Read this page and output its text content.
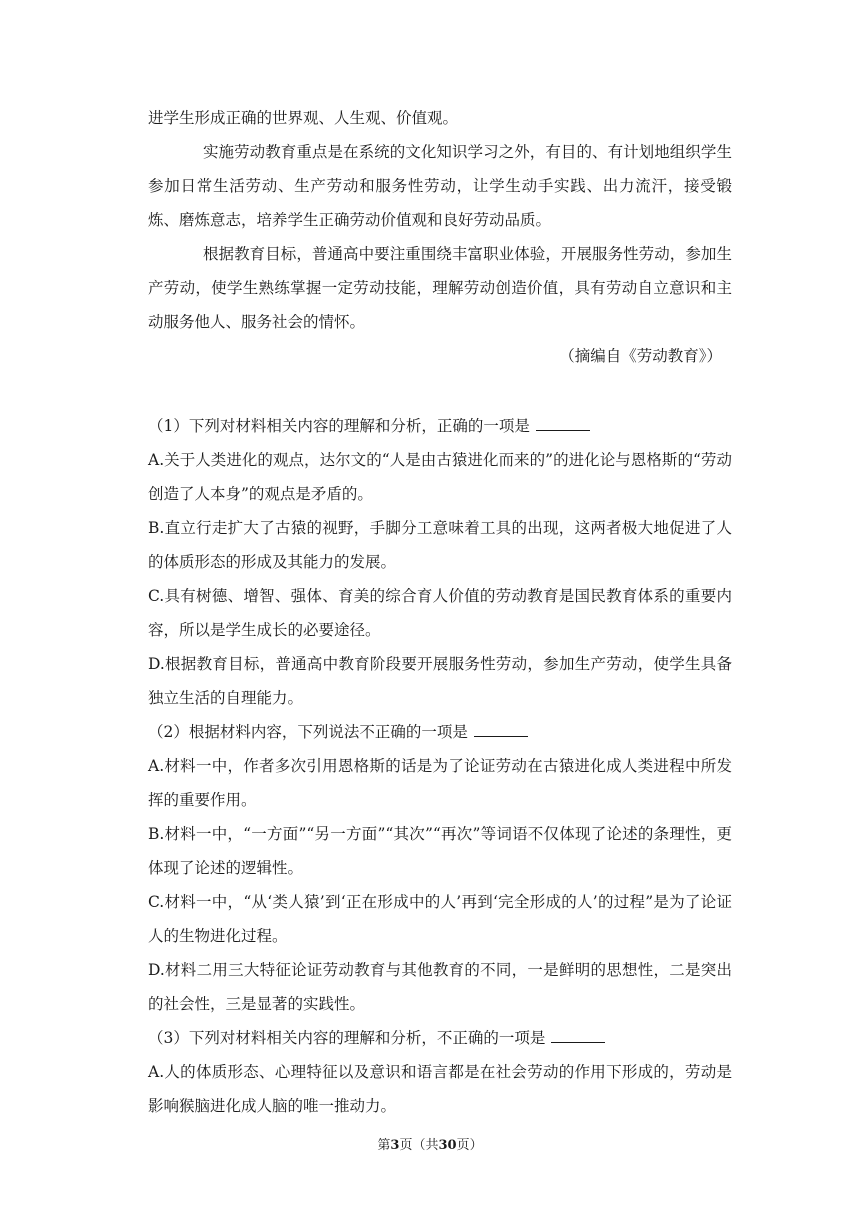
进学生形成正确的世界观、人生观、价值观。

实施劳动教育重点是在系统的文化知识学习之外，有目的、有计划地组织学生参加日常生活劳动、生产劳动和服务性劳动，让学生动手实践、出力流汗，接受锻炼、磨炼意志，培养学生正确劳动价值观和良好劳动品质。

根据教育目标，普通高中要注重围绕丰富职业体验，开展服务性劳动，参加生产劳动，使学生熟练掌握一定劳动技能，理解劳动创造价值，具有劳动自立意识和主动服务他人、服务社会的情怀。

（摘编自《劳动教育》）

（1）下列对材料相关内容的理解和分析，正确的一项是

A.关于人类进化的观点，达尔文的“人是由古猿进化而来的”的进化论与恩格斯的“劳动创造了人本身”的观点是矛盾的。

B.直立行走扩大了古猿的视野，手脚分工意味着工具的出现，这两者极大地促进了人的体质形态的形成及其能力的发展。

C.具有树德、增智、强体、育美的综合育人价值的劳动教育是国民教育体系的重要内容，所以是学生成长的必要途径。

D.根据教育目标，普通高中教育阶段要开展服务性劳动，参加生产劳动，使学生具备独立生活的自理能力。

（2）根据材料内容，下列说法不正确的一项是

A.材料一中，作者多次引用恩格斯的话是为了论证劳动在古猿进化成人类进程中所发挥的重要作用。

B.材料一中，“一方面”“另一方面”“其次”“再次”等词语不仅体现了论述的条理性，更体现了论述的逻辑性。

C.材料一中，“从‘类人猿’到‘正在形成中的人’再到‘完全形成的人’的过程”是为了论证人的生物进化过程。

D.材料二用三大特征论证劳动教育与其他教育的不同，一是鲜明的思想性，二是突出的社会性，三是显著的实践性。

（3）下列对材料相关内容的理解和分析，不正确的一项是

A.人的体质形态、心理特征以及意识和语言都是在社会劳动的作用下形成的，劳动是影响猴脑进化成人脑的唯一推动力。

第3页（共30页）
